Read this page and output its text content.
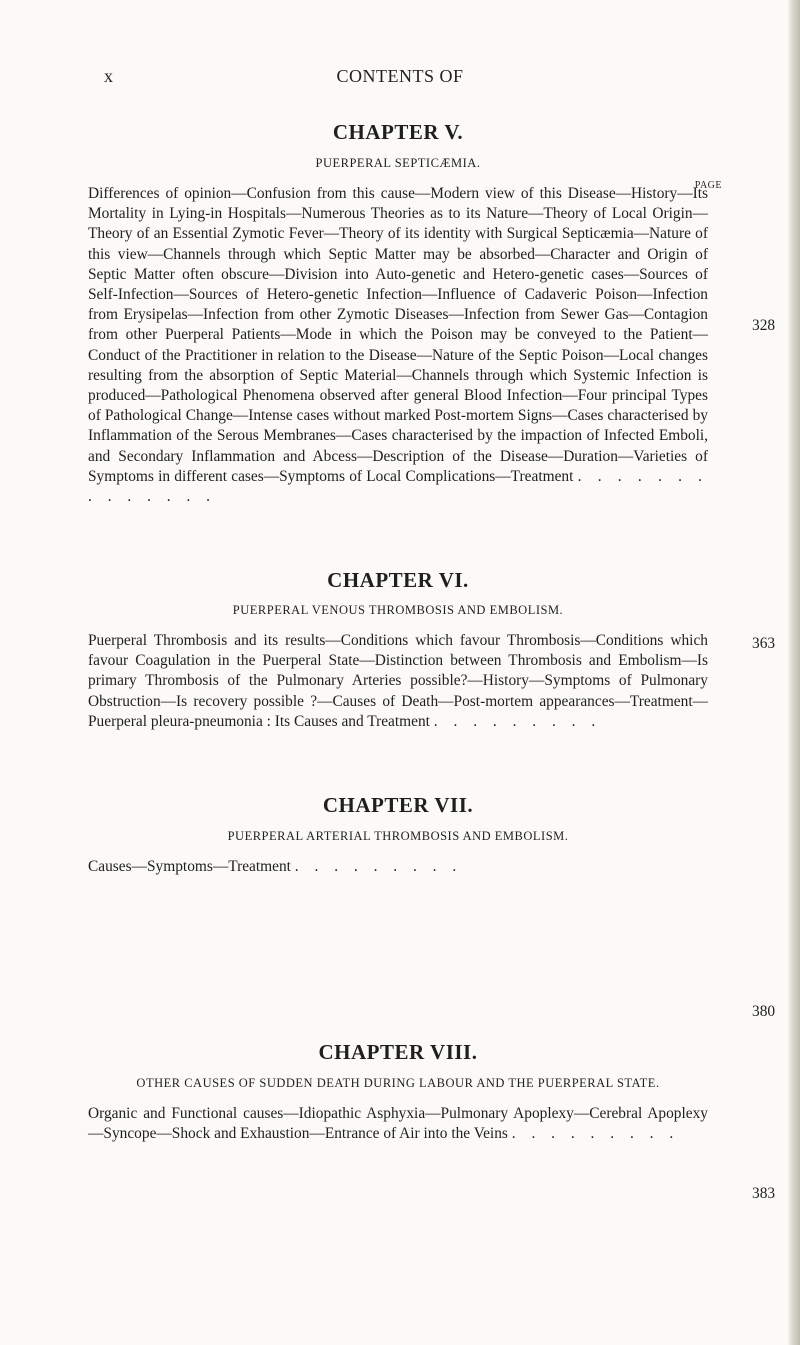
x	CONTENTS OF
CHAPTER V.

PUERPERAL SEPTICÆMIA.

PAGE

Differences of opinion—Confusion from this cause—Modern view of this Disease—History—Its Mortality in Lying-in Hospitals—Numerous Theories as to its Nature—Theory of Local Origin—Theory of an Essential Zymotic Fever—Theory of its identity with Surgical Septicæmia—Nature of this view—Channels through which Septic Matter may be absorbed—Character and Origin of Septic Matter often obscure—Division into Auto-genetic and Hetero-genetic cases—Sources of Self-Infection—Sources of Hetero-genetic Infection—Influence of Cadaveric Poison—Infection from Erysipelas—Infection from other Zymotic Diseases—Infection from Sewer Gas—Contagion from other Puerperal Patients—Mode in which the Poison may be conveyed to the Patient—Conduct of the Practitioner in relation to the Disease—Nature of the Septic Poison—Local changes resulting from the absorption of Septic Material—Channels through which Systemic Infection is produced—Pathological Phenomena observed after general Blood Infection—Four principal Types of Pathological Change—Intense cases without marked Post-mortem Signs—Cases characterised by Inflammation of the Serous Membranes—Cases characterised by the impaction of Infected Emboli, and Secondary Inflammation and Abcess—Description of the Disease—Duration—Varieties of Symptoms in different cases—Symptoms of Local Complications—Treatment . . . . . . . . . . . . . .

328
CHAPTER VI.

PUERPERAL VENOUS THROMBOSIS AND EMBOLISM.

Puerperal Thrombosis and its results—Conditions which favour Thrombosis—Conditions which favour Coagulation in the Puerperal State—Distinction between Thrombosis and Embolism—Is primary Thrombosis of the Pulmonary Arteries possible?—History—Symptoms of Pulmonary Obstruction—Is recovery possible ?—Causes of Death—Post-mortem appearances—Treatment—Puerperal pleura-pneumonia : Its Causes and Treatment . . . . . . . . .

363
CHAPTER VII.

PUERPERAL ARTERIAL THROMBOSIS AND EMBOLISM.

Causes—Symptoms—Treatment . . . . . . . . .

380
CHAPTER VIII.

OTHER CAUSES OF SUDDEN DEATH DURING LABOUR AND THE PUERPERAL STATE.

Organic and Functional causes—Idiopathic Asphyxia—Pulmonary Apoplexy—Cerebral Apoplexy—Syncope—Shock and Exhaustion—Entrance of Air into the Veins . . . . . . . . .

383
